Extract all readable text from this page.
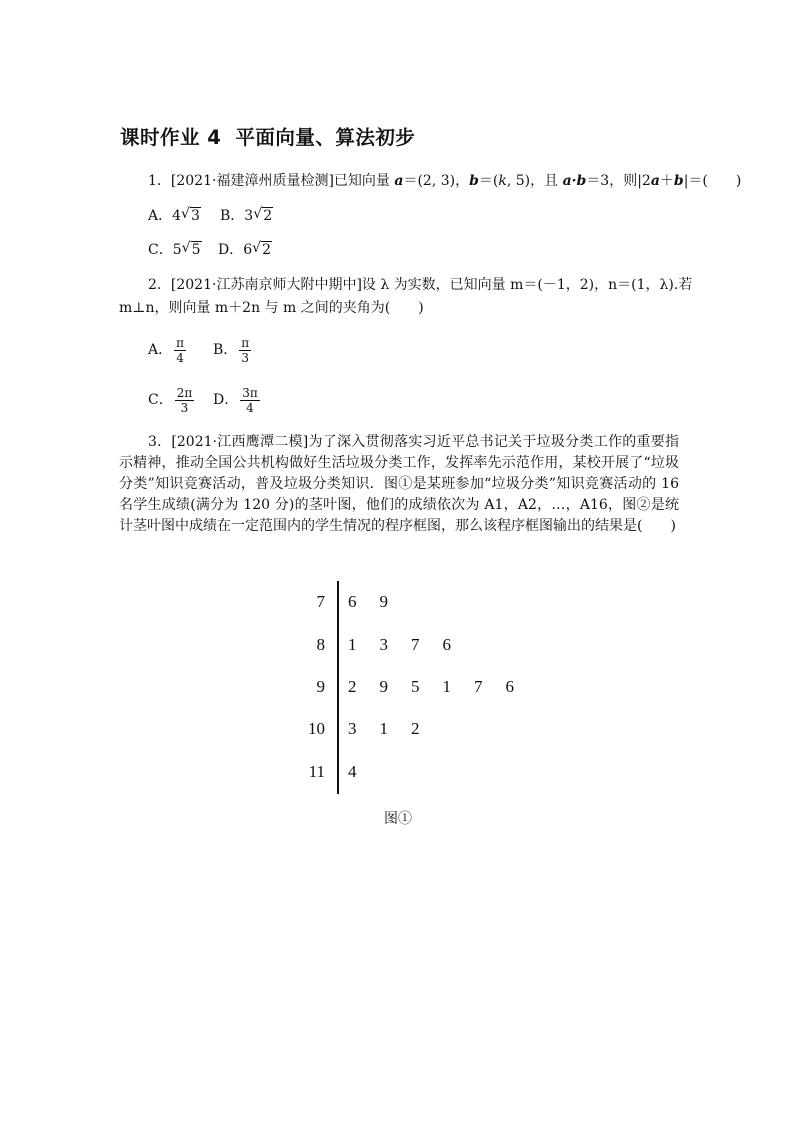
课时作业 4 平面向量、算法初步
1．[2021·福建漳州质量检测]已知向量 a＝(2, 3)，b＝(k, 5)，且 a·b＝3，则|2a＋b|＝(　　)
A．4 √ 3 B．3 √ 2
C．5 √ 5 D．6 √ 2
2．[2021·江苏南京师大附中期中]设 λ 为实数，已知向量 m＝(－1，2)，n＝(1，λ).若
m⊥n，则向量 m＋2n 与 m 之间的夹角为(　　)
A． $\frac{\pi}{4}$ B． $\frac{\pi}{3}$
C． $\frac{2\pi}{3}$ D． $\frac{3\pi}{4}$
3．[2021·江西鹰潭二模]为了深入贯彻落实习近平总书记关于垃圾分类工作的重要指示精神，推动全国公共机构做好生活垃圾分类工作，发挥率先示范作用，某校开展了“垃圾分类”知识竞赛活动，普及垃圾分类知识．图①是某班参加“垃圾分类”知识竞赛活动的 16 名学生成绩(满分为 120 分)的茎叶图，他们的成绩依次为 A1，A2，…，A16，图②是统计茎叶图中成绩在一定范围内的学生情况的程序框图，那么该程序框图输出的结果是(　　)
7 6 9
8 1 3 7 6
9 2 9 5 1 7 6
10 3 1 2
11 4
图①
